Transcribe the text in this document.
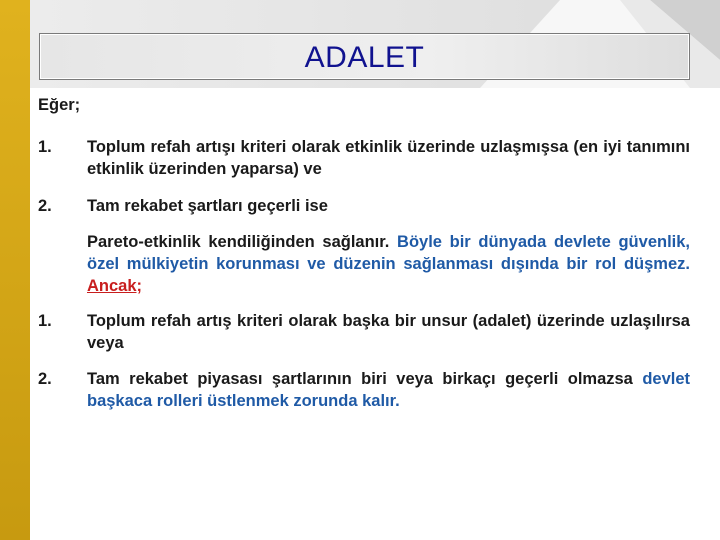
ADALET
Eğer;
1.	Toplum refah artışı kriteri olarak etkinlik üzerinde uzlaşmışsa (en iyi tanımını etkinlik üzerinden yaparsa) ve
2.	Tam rekabet şartları geçerli ise
Pareto-etkinlik kendiliğinden sağlanır. Böyle bir dünyada devlete güvenlik, özel mülkiyetin korunması ve düzenin sağlanması dışında bir rol düşmez. Ancak;
1.	Toplum refah artış kriteri olarak başka bir unsur (adalet) üzerinde uzlaşılırsa veya
2.	Tam rekabet piyasası şartlarının biri veya birkaçı geçerli olmazsa devlet başkaca rolleri üstlenmek zorunda kalır.
